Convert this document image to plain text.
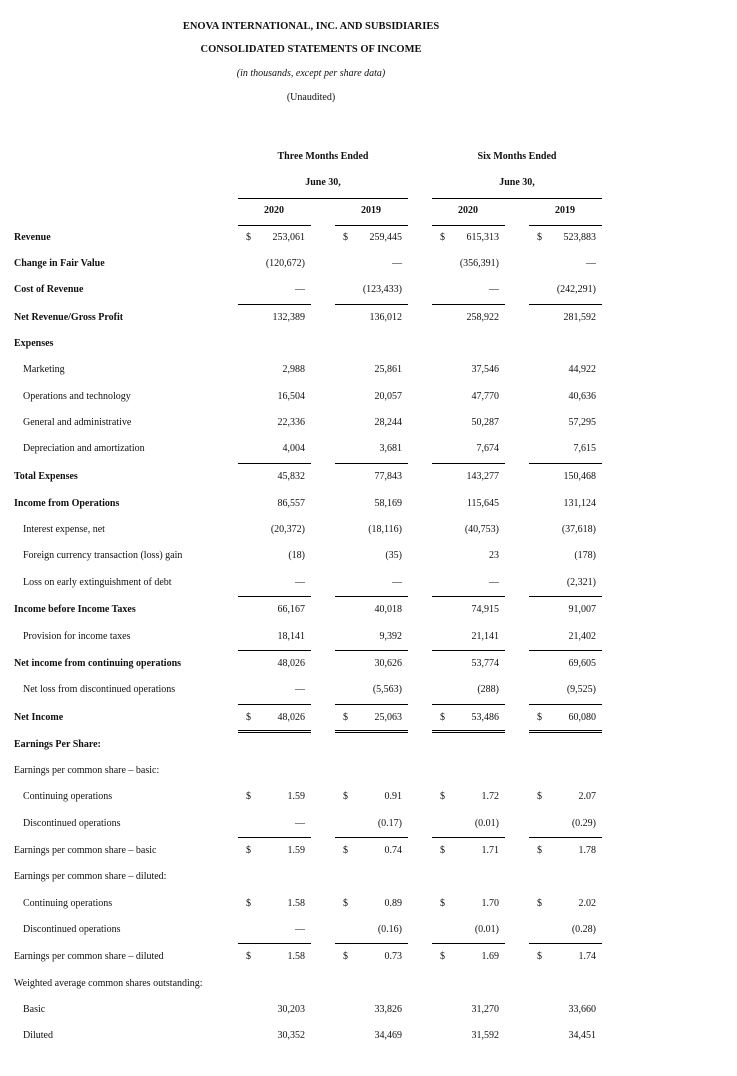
ENOVA INTERNATIONAL, INC. AND SUBSIDIARIES
CONSOLIDATED STATEMENTS OF INCOME
(in thousands, except per share data)
(Unaudited)
Three Months Ended
June 30,
Six Months Ended
June 30,
2020	2019	2020	2019
Revenue	$ 253,061	$ 259,445	$ 615,313	$ 523,883
Change in Fair Value	(120,672)	—	(356,391)	—
Cost of Revenue	—	(123,433)	—	(242,291)
Net Revenue/Gross Profit	132,389	136,012	258,922	281,592
Expenses
Marketing	2,988	25,861	37,546	44,922
Operations and technology	16,504	20,057	47,770	40,636
General and administrative	22,336	28,244	50,287	57,295
Depreciation and amortization	4,004	3,681	7,674	7,615
Total Expenses	45,832	77,843	143,277	150,468
Income from Operations	86,557	58,169	115,645	131,124
Interest expense, net	(20,372)	(18,116)	(40,753)	(37,618)
Foreign currency transaction (loss) gain	(18)	(35)	23	(178)
Loss on early extinguishment of debt	—	—	—	(2,321)
Income before Income Taxes	66,167	40,018	74,915	91,007
Provision for income taxes	18,141	9,392	21,141	21,402
Net income from continuing operations	48,026	30,626	53,774	69,605
Net loss from discontinued operations	—	(5,563)	(288)	(9,525)
Net Income	$	48,026	$	25,063	$	53,486	$	60,080
Earnings Per Share:
Earnings per common share – basic:
Continuing operations	$	1.59	$	0.91	$	1.72	$	2.07
Discontinued operations	—	(0.17)	(0.01)	(0.29)
Earnings per common share – basic	$	1.59	$	0.74	$	1.71	$	1.78
Earnings per common share – diluted:
Continuing operations	$	1.58	$	0.89	$	1.70	$	2.02
Discontinued operations	—	(0.16)	(0.01)	(0.28)
Earnings per common share – diluted	$	1.58	$	0.73	$	1.69	$	1.74
Weighted average common shares outstanding:
Basic	30,203	33,826	31,270	33,660
Diluted	30,352	34,469	31,592	34,451
